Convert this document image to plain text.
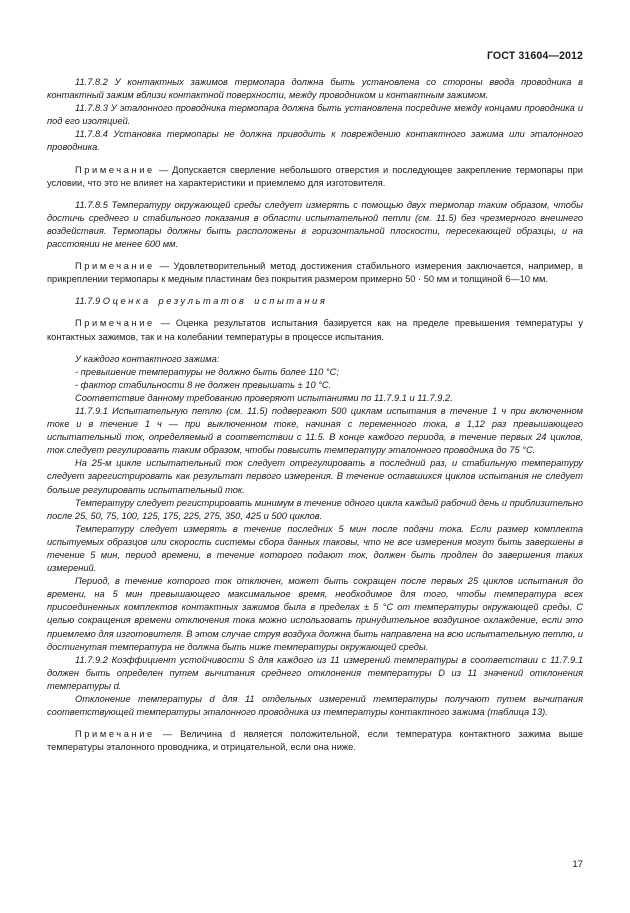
ГОСТ 31604—2012

11.7.8.2 У контактных зажимов термопара должна быть установлена со стороны ввода проводника в контактный зажим вблизи контактной поверхности, между проводником и контактным зажимом.

11.7.8.3 У эталонного проводника термопара должна быть установлена посредине между концами проводника и под его изоляцией.

11.7.8.4 Установка термопары не должна приводить к повреждению контактного зажима или эталонного проводника.

Примечание — Допускается сверление небольшого отверстия и последующее закрепление термопары при условии, что это не влияет на характеристики и приемлемо для изготовителя.

11.7.8.5 Температуру окружающей среды следует измерять с помощью двух термопар таким образом, чтобы достичь среднего и стабильного показания в области испытательной петли (см. 11.5) без чрезмерного внешнего воздействия. Термопары должны быть расположены в горизонтальной плоскости, пересекающей образцы, и на расстоянии не менее 600 мм.

Примечание — Удовлетворительный метод достижения стабильного измерения заключается, например, в прикреплении термопары к медным пластинам без покрытия размером примерно 50 · 50 мм и толщиной 6—10 мм.

11.7.9 Оценка результатов испытания

Примечание — Оценка результатов испытания базируется как на пределе превышения температуры у контактных зажимов, так и на колебании температуры в процессе испытания.

У каждого контактного зажима:

- превышение температуры не должно быть более 110 °С;

- фактор стабильности 8 не должен превышать ± 10 °С.

Соответствие данному требованию проверяют испытаниями по 11.7.9.1 и 11.7.9.2.

11.7.9.1 Испытательную петлю (см. 11.5) подвергают 500 циклам испытания в течение 1 ч при включенном токе и в течение 1 ч — при выключенном токе, начиная с переменного тока, в 1,12 раз превышающего испытательный ток, определяемый в соответствии с 11.5. В конце каждого периода, в течение первых 24 циклов, ток следует регулировать таким образом, чтобы повысить температуру эталонного проводника до 75 °С.

На 25-м цикле испытательный ток следует отрегулировать в последний раз, и стабильную температуру следует зарегистрировать как результат первого измерения. В течение оставшихся циклов испытания не следует больше регулировать испытательный ток.

Температуру следует регистрировать минимум в течение одного цикла каждый рабочий день и приблизительно после 25, 50, 75, 100, 125, 175, 225, 275, 350, 425 и 500 циклов.

Температуру следует измерять в течение последних 5 мин после подачи тока. Если размер комплекта испытуемых образцов или скорость системы сбора данных таковы, что не все измерения могут быть завершены в течение 5 мин, период времени, в течение которого подают ток, должен быть продлен до завершения таких измерений.

Период, в течение которого ток отключен, может быть сокращен после первых 25 циклов испытания до времени, на 5 мин превышающего максимальное время, необходимое для того, чтобы температура всех присоединенных комплектов контактных зажимов была в пределах ± 5 °С от температуры окружающей среды. С целью сокращения времени отключения тока можно использовать принудительное воздушное охлаждение, если это приемлемо для изготовителя. В этом случае струя воздуха должна быть направлена на всю испытательную петлю, и достигнутая температура не должна быть ниже температуры окружающей среды.

11.7.9.2 Коэффициент устойчивости S для каждого из 11 измерений температуры в соответствии с 11.7.9.1 должен быть определен путем вычитания среднего отклонения температуры D из 11 значений отклонения температуры d.

Отклонение температуры d для 11 отдельных измерений температуры получают путем вычитания соответствующей температуры эталонного проводника из температуры контактного зажима (таблица 13).

Примечание — Величина d является положительной, если температура контактного зажима выше температуры эталонного проводника, и отрицательной, если она ниже.

17
